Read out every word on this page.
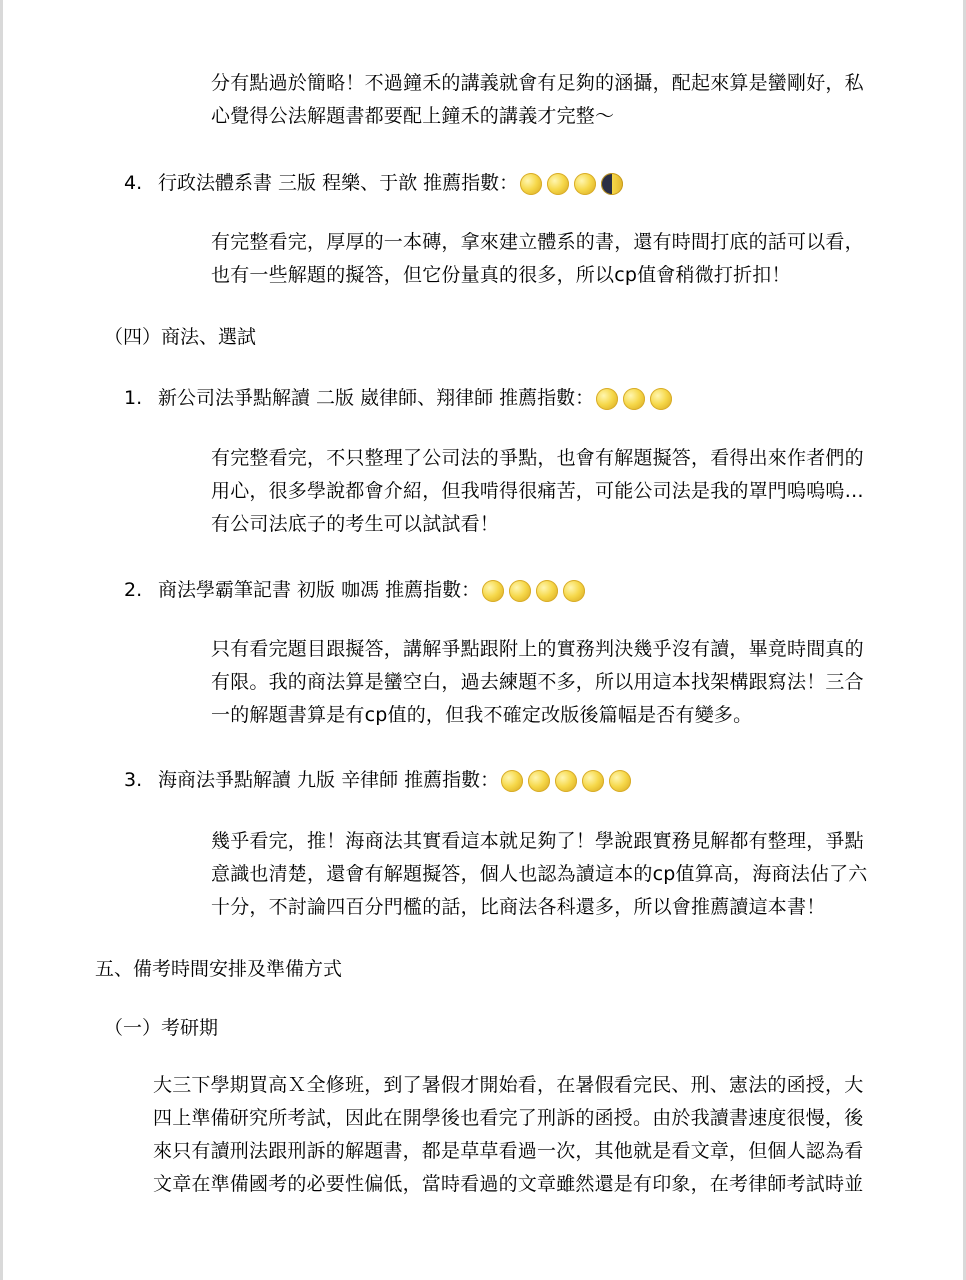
分有點過於簡略！不過鐘禾的講義就會有足夠的涵攝，配起來算是蠻剛好，私
心覺得公法解題書都要配上鐘禾的講義才完整～
4. 行政法體系書 三版 程樂、于歆 推薦指數：
有完整看完，厚厚的一本磚，拿來建立體系的書，還有時間打底的話可以看，
也有一些解題的擬答，但它份量真的很多，所以cp值會稍微打折扣！
（四）商法、選試
1. 新公司法爭點解讀 二版 崴律師、翔律師 推薦指數：
有完整看完，不只整理了公司法的爭點，也會有解題擬答，看得出來作者們的
用心，很多學說都會介紹，但我啃得很痛苦，可能公司法是我的罩門嗚嗚嗚…
有公司法底子的考生可以試試看！
2. 商法學霸筆記書 初版 咖馮 推薦指數：
只有看完題目跟擬答，講解爭點跟附上的實務判決幾乎沒有讀，畢竟時間真的
有限。我的商法算是蠻空白，過去練題不多，所以用這本找架構跟寫法！三合
一的解題書算是有cp值的，但我不確定改版後篇幅是否有變多。
3. 海商法爭點解讀 九版 辛律師 推薦指數：
幾乎看完，推！海商法其實看這本就足夠了！學說跟實務見解都有整理，爭點
意識也清楚，還會有解題擬答，個人也認為讀這本的cp值算高，海商法佔了六
十分，不討論四百分門檻的話，比商法各科還多，所以會推薦讀這本書！
五、備考時間安排及準備方式
（一）考研期
大三下學期買高Ｘ全修班，到了暑假才開始看，在暑假看完民、刑、憲法的函授，大
四上準備研究所考試，因此在開學後也看完了刑訴的函授。由於我讀書速度很慢，後
來只有讀刑法跟刑訴的解題書，都是草草看過一次，其他就是看文章，但個人認為看
文章在準備國考的必要性偏低，當時看過的文章雖然還是有印象，在考律師考試時並
